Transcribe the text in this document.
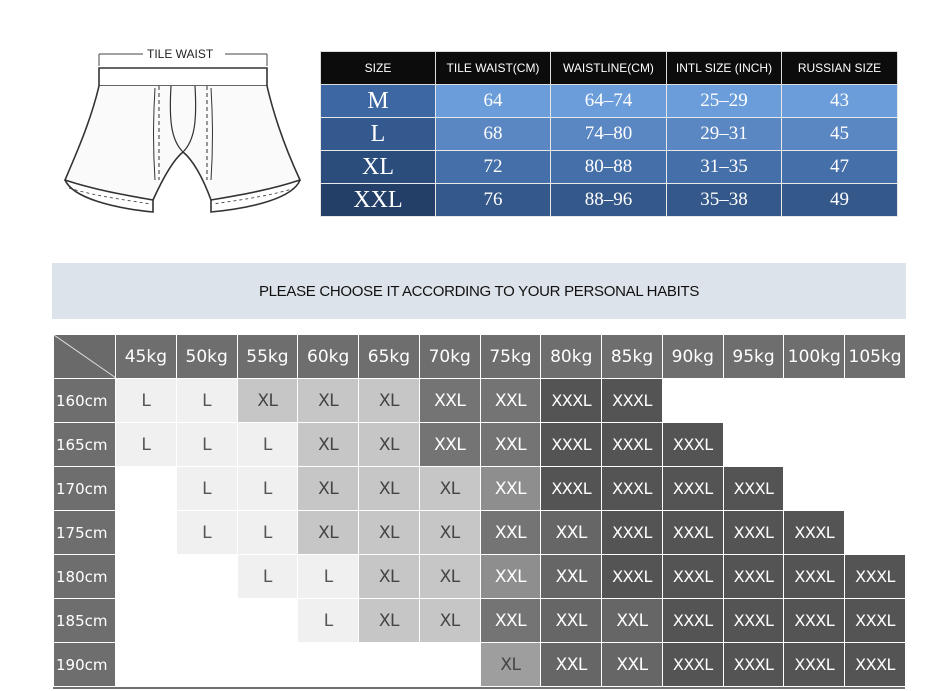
TILE WAIST
SIZE	TILE WAIST(CM)	WAISTLINE(CM)	INTL SIZE (INCH)	RUSSIAN SIZE
M	64	64–74	25–29	43
L	68	74–80	29–31	45
XL	72	80–88	31–35	47
XXL	76	88–96	35–38	49
PLEASE CHOOSE IT ACCORDING TO YOUR PERSONAL HABITS
	45kg	50kg	55kg	60kg	65kg	70kg	75kg	80kg	85kg	90kg	95kg	100kg	105kg
160cm	L	L	XL	XL	XL	XXL	XXL	XXXL	XXXL				
165cm	L	L	L	XL	XL	XXL	XXL	XXXL	XXXL	XXXL			
170cm		L	L	XL	XL	XL	XXL	XXXL	XXXL	XXXL	XXXL		
175cm		L	L	XL	XL	XL	XXL	XXL	XXXL	XXXL	XXXL	XXXL	
180cm			L	L	XL	XL	XXL	XXL	XXXL	XXXL	XXXL	XXXL	XXXL
185cm				L	XL	XL	XXL	XXL	XXL	XXXL	XXXL	XXXL	XXXL
190cm							XL	XXL	XXL	XXXL	XXXL	XXXL	XXXL
